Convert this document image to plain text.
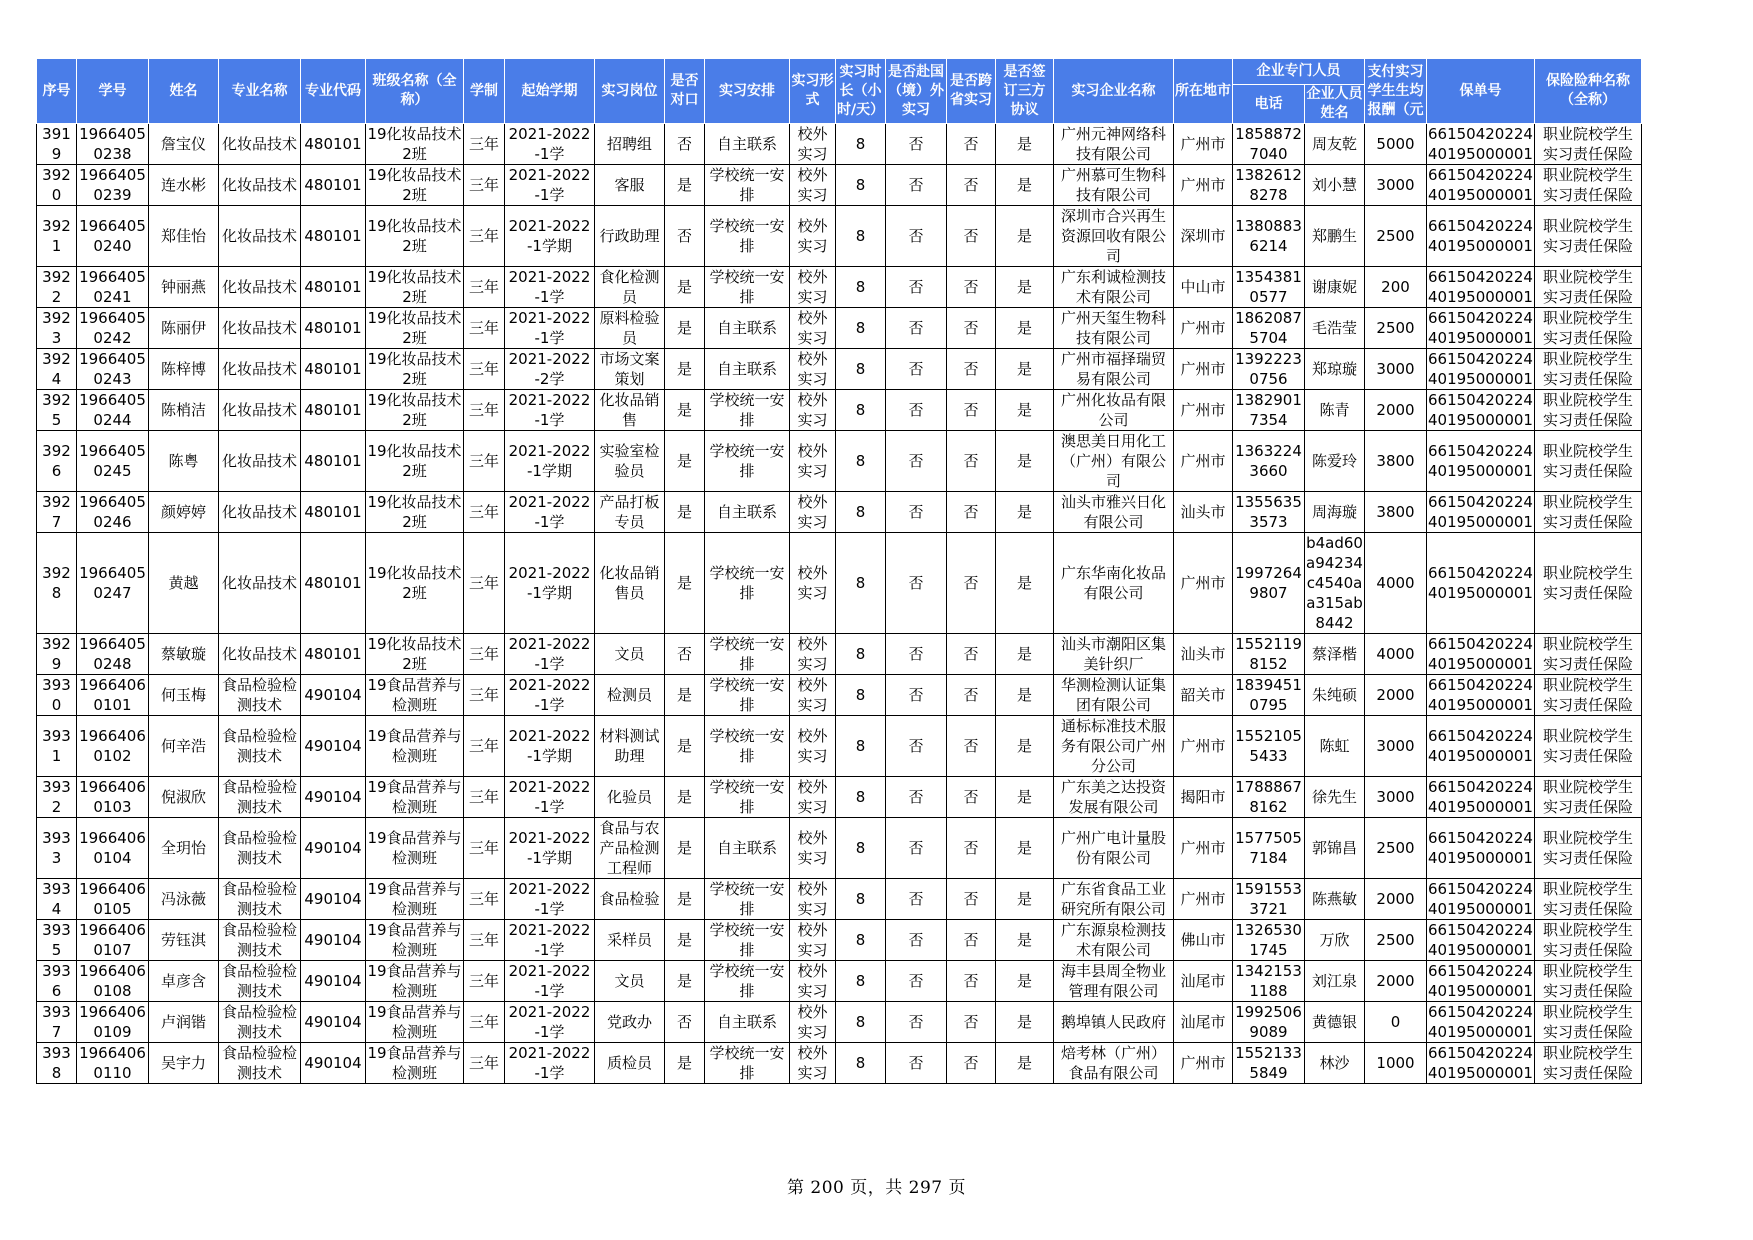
序号	学号	姓名	专业名称	专业代码	班级名称（全称）	学制	起始学期	实习岗位	是否对口	实习安排	实习形式	实习时长（小时/天）	是否赴国（境）外实习	是否跨省实习	是否签订三方协议	实习企业名称	所在地市	企业专门人员		支付实习学生生均报酬（元	保单号	保险险种名称（全称）
																		电话	企业人员姓名			
3919	19664050238	詹宝仪	化妆品技术	480101	19化妆品技术2班	三年	2021-2022-1学	招聘组	否	自主联系	校外实习	8	否	否	是	广州元神网络科技有限公司	广州市	18588727040	周友乾	5000	6615042022440195000001	职业院校学生实习责任保险
3920	19664050239	连水彬	化妆品技术	480101	19化妆品技术2班	三年	2021-2022-1学	客服	是	学校统一安排	校外实习	8	否	否	是	广州慕可生物科技有限公司	广州市	13826128278	刘小慧	3000	6615042022440195000001	职业院校学生实习责任保险
3921	19664050240	郑佳怡	化妆品技术	480101	19化妆品技术2班	三年	2021-2022-1学期	行政助理	否	学校统一安排	校外实习	8	否	否	是	深圳市合兴再生资源回收有限公司	深圳市	13808836214	郑鹏生	2500	6615042022440195000001	职业院校学生实习责任保险
3922	19664050241	钟丽燕	化妆品技术	480101	19化妆品技术2班	三年	2021-2022-1学	食化检测员	是	学校统一安排	校外实习	8	否	否	是	广东利诚检测技术有限公司	中山市	13543810577	谢康妮	200	6615042022440195000001	职业院校学生实习责任保险
3923	19664050242	陈丽伊	化妆品技术	480101	19化妆品技术2班	三年	2021-2022-1学	原料检验员	是	自主联系	校外实习	8	否	否	是	广州天玺生物科技有限公司	广州市	18620875704	毛浩莹	2500	6615042022440195000001	职业院校学生实习责任保险
3924	19664050243	陈梓博	化妆品技术	480101	19化妆品技术2班	三年	2021-2022-2学	市场文案策划	是	自主联系	校外实习	8	否	否	是	广州市福择瑞贸易有限公司	广州市	13922230756	郑琼璇	3000	6615042022440195000001	职业院校学生实习责任保险
3925	19664050244	陈梢洁	化妆品技术	480101	19化妆品技术2班	三年	2021-2022-1学	化妆品销售	是	学校统一安排	校外实习	8	否	否	是	广州化妆品有限公司	广州市	13829017354	陈青	2000	6615042022440195000001	职业院校学生实习责任保险
3926	19664050245	陈粤	化妆品技术	480101	19化妆品技术2班	三年	2021-2022-1学期	实验室检验员	是	学校统一安排	校外实习	8	否	否	是	澳思美日用化工（广州）有限公司	广州市	13632243660	陈爱玲	3800	6615042022440195000001	职业院校学生实习责任保险
3927	19664050246	颜婷婷	化妆品技术	480101	19化妆品技术2班	三年	2021-2022-1学	产品打板专员	是	自主联系	校外实习	8	否	否	是	汕头市雅兴日化有限公司	汕头市	13556353573	周海璇	3800	6615042022440195000001	职业院校学生实习责任保险
3928	19664050247	黄越	化妆品技术	480101	19化妆品技术2班	三年	2021-2022-1学期	化妆品销售员	是	学校统一安排	校外实习	8	否	否	是	广东华南化妆品有限公司	广州市	19972649807	b4ad60a94234c4540aa315ab8442	4000	6615042022440195000001	职业院校学生实习责任保险
3929	19664050248	蔡敏璇	化妆品技术	480101	19化妆品技术2班	三年	2021-2022-1学	文员	否	学校统一安排	校外实习	8	否	否	是	汕头市潮阳区集美针织厂	汕头市	15521198152	蔡泽楷	4000	6615042022440195000001	职业院校学生实习责任保险
3930	19664060101	何玉梅	食品检验检测技术	490104	19食品营养与检测班	三年	2021-2022-1学	检测员	是	学校统一安排	校外实习	8	否	否	是	华测检测认证集团有限公司	韶关市	18394510795	朱纯硕	2000	6615042022440195000001	职业院校学生实习责任保险
3931	19664060102	何辛浩	食品检验检测技术	490104	19食品营养与检测班	三年	2021-2022-1学期	材料测试助理	是	学校统一安排	校外实习	8	否	否	是	通标标准技术服务有限公司广州分公司	广州市	15521055433	陈虹	3000	6615042022440195000001	职业院校学生实习责任保险
3932	19664060103	倪淑欣	食品检验检测技术	490104	19食品营养与检测班	三年	2021-2022-1学	化验员	是	学校统一安排	校外实习	8	否	否	是	广东美之达投资发展有限公司	揭阳市	17888678162	徐先生	3000	6615042022440195000001	职业院校学生实习责任保险
3933	19664060104	全玥怡	食品检验检测技术	490104	19食品营养与检测班	三年	2021-2022-1学期	食品与农产品检测工程师	是	自主联系	校外实习	8	否	否	是	广州广电计量股份有限公司	广州市	15775057184	郭锦昌	2500	6615042022440195000001	职业院校学生实习责任保险
3934	19664060105	冯泳薇	食品检验检测技术	490104	19食品营养与检测班	三年	2021-2022-1学	食品检验	是	学校统一安排	校外实习	8	否	否	是	广东省食品工业研究所有限公司	广州市	15915533721	陈燕敏	2000	6615042022440195000001	职业院校学生实习责任保险
3935	19664060107	劳钰淇	食品检验检测技术	490104	19食品营养与检测班	三年	2021-2022-1学	采样员	是	学校统一安排	校外实习	8	否	否	是	广东源泉检测技术有限公司	佛山市	13265301745	万欣	2500	6615042022440195000001	职业院校学生实习责任保险
3936	19664060108	卓彦含	食品检验检测技术	490104	19食品营养与检测班	三年	2021-2022-1学	文员	是	学校统一安排	校外实习	8	否	否	是	海丰县周全物业管理有限公司	汕尾市	13421531188	刘江泉	2000	6615042022440195000001	职业院校学生实习责任保险
3937	19664060109	卢润锴	食品检验检测技术	490104	19食品营养与检测班	三年	2021-2022-1学	党政办	否	自主联系	校外实习	8	否	否	是	鹅埠镇人民政府	汕尾市	19925069089	黄德银	0	6615042022440195000001	职业院校学生实习责任保险
3938	19664060110	吴宇力	食品检验检测技术	490104	19食品营养与检测班	三年	2021-2022-1学	质检员	是	学校统一安排	校外实习	8	否	否	是	焙考林（广州）食品有限公司	广州市	15521335849	林沙	1000	6615042022440195000001	职业院校学生实习责任保险
第 200 页，共 297 页
